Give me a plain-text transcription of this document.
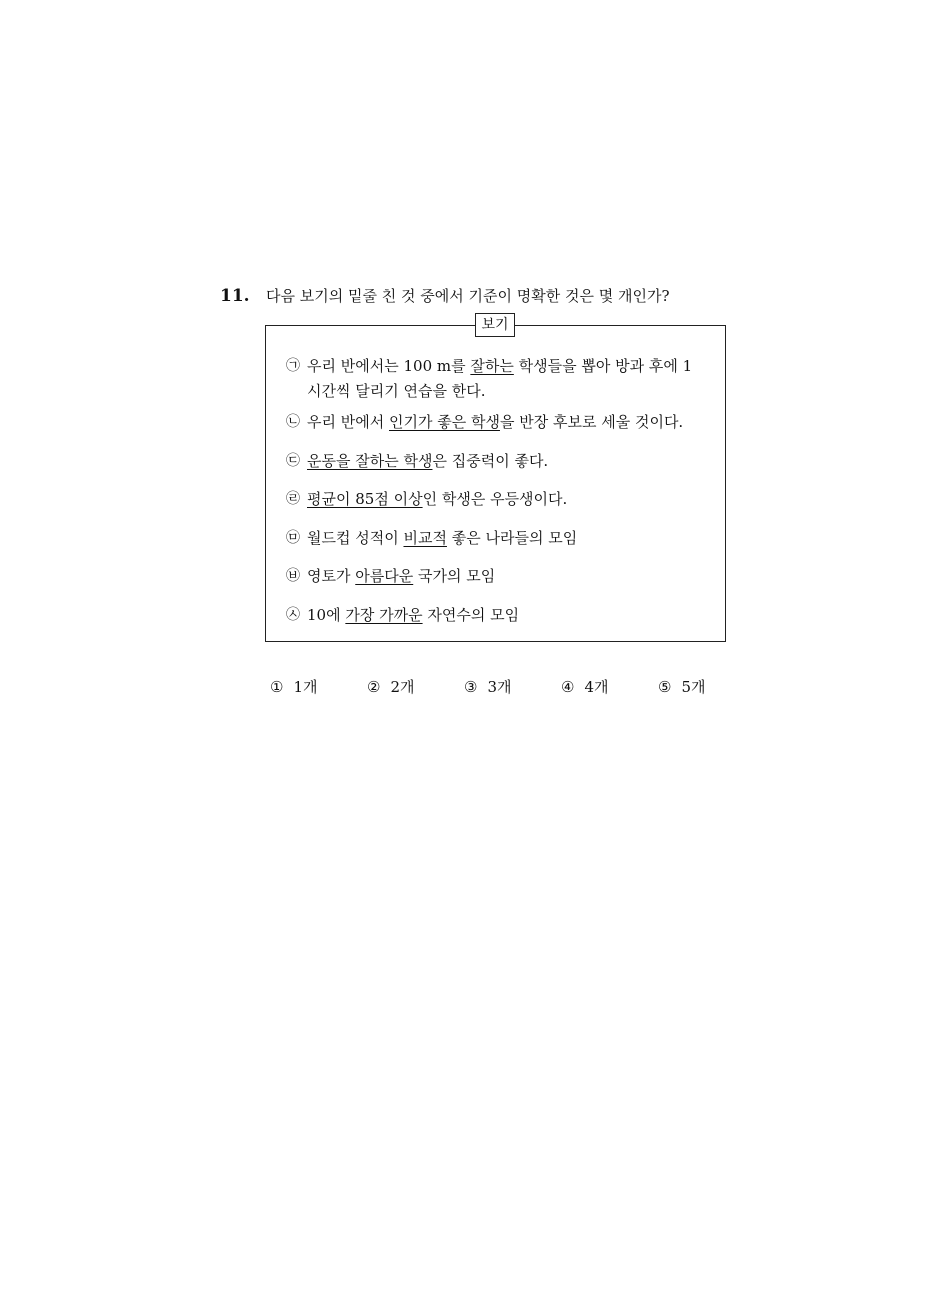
11. 다음 보기의 밑줄 친 것 중에서 기준이 명확한 것은 몇 개인가?
보기
㉠ 우리 반에서는 100 m를 잘하는 학생들을 뽑아 방과 후에 1
시간씩 달리기 연습을 한다.
㉡ 우리 반에서 인기가 좋은 학생을 반장 후보로 세울 것이다.
㉢ 운동을 잘하는 학생은 집중력이 좋다.
㉣ 평균이 85점 이상인 학생은 우등생이다.
㉤ 월드컵 성적이 비교적 좋은 나라들의 모임
㉥ 영토가 아름다운 국가의 모임
㉦ 10에 가장 가까운 자연수의 모임
① 1개	② 2개	③ 3개	④ 4개	⑤ 5개
